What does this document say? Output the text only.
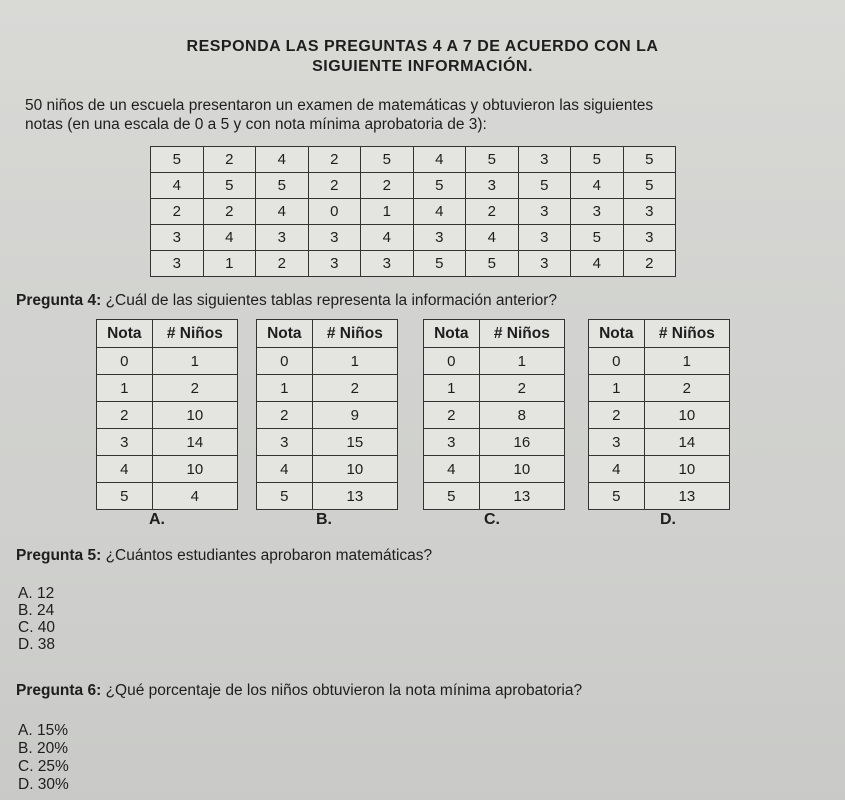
RESPONDA LAS PREGUNTAS 4 A 7 DE ACUERDO CON LA
SIGUIENTE INFORMACIÓN.
50 niños de un escuela presentaron un examen de matemáticas y obtuvieron las siguientes
notas (en una escala de 0 a 5 y con nota mínima aprobatoria de 3):
5	2	4	2	5	4	5	3	5	5
4	5	5	2	2	5	3	5	4	5
2	2	4	0	1	4	2	3	3	3
3	4	3	3	4	3	4	3	5	3
3	1	2	3	3	5	5	3	4	2
Pregunta 4: ¿Cuál de las siguientes tablas representa la información anterior?
Nota	# Niños
0	1
1	2
2	10
3	14
4	10
5	4
A.
Nota	# Niños
0	1
1	2
2	9
3	15
4	10
5	13
B.
Nota	# Niños
0	1
1	2
2	8
3	16
4	10
5	13
C.
Nota	# Niños
0	1
1	2
2	10
3	14
4	10
5	13
D.
Pregunta 5: ¿Cuántos estudiantes aprobaron matemáticas?
A. 12
B. 24
C. 40
D. 38
Pregunta 6: ¿Qué porcentaje de los niños obtuvieron la nota mínima aprobatoria?
A. 15%
B. 20%
C. 25%
D. 30%
